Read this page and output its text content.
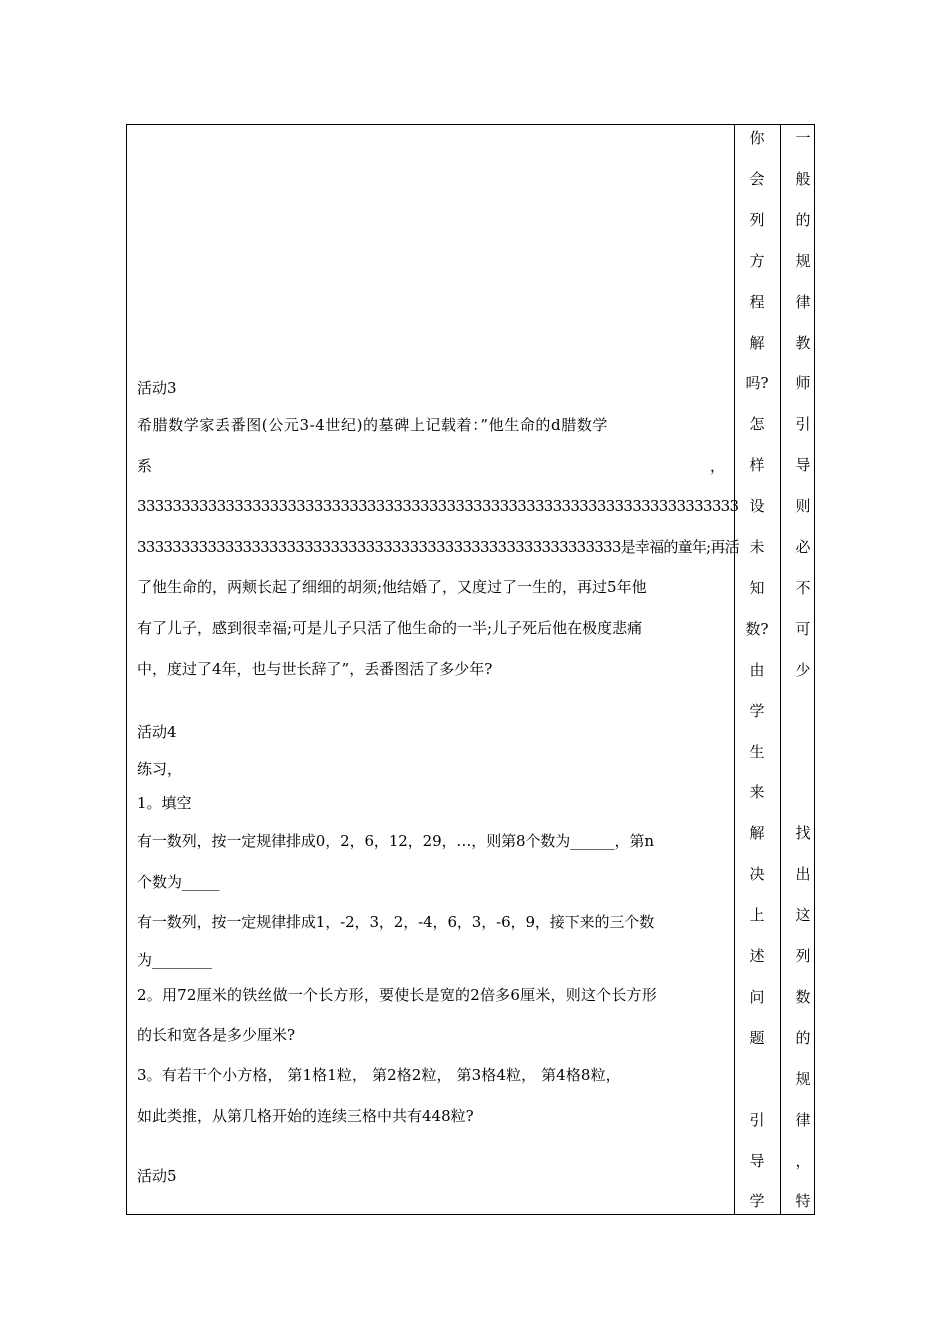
活动3
希腊数学家丢番图(公元3-4世纪)的墓碑上记载着：”他生命的d腊数学
系	，
33333333333333333333333333333333333333333333333333333333333333333333
3333333333333333333333333333333333333333333333333333333是幸福的童年;再活
了他生命的，两颊长起了细细的胡须;他结婚了，又度过了一生的，再过5年他
有了儿子，感到很幸福;可是儿子只活了他生命的一半;儿子死后他在极度悲痛
中，度过了4年，也与世长辞了”，丢番图活了多少年?
活动4
练习，
1。填空
有一数列，按一定规律排成0，2，6，12，29，…，则第8个数为______，第n
个数为_____
有一数列，按一定规律排成1，-2，3，2，-4，6，3，-6，9，接下来的三个数
为________
2。用72厘米的铁丝做一个长方形，要使长是宽的2倍多6厘米，则这个长方形
的长和宽各是多少厘米?
3。有若干个小方格， 第1格1粒， 第2格2粒， 第3格4粒， 第4格8粒，
如此类推，从第几格开始的连续三格中共有448粒?
活动5
你
会
列
方
程
解
吗?
怎
样
设
未
知
数?
由
学
生
来
解
决
上
述
问
题
引
导
学
一
般
的
规
律
教
师
引
导
则
必
不
可
少
找
出
这
列
数
的
规
律
，
特
